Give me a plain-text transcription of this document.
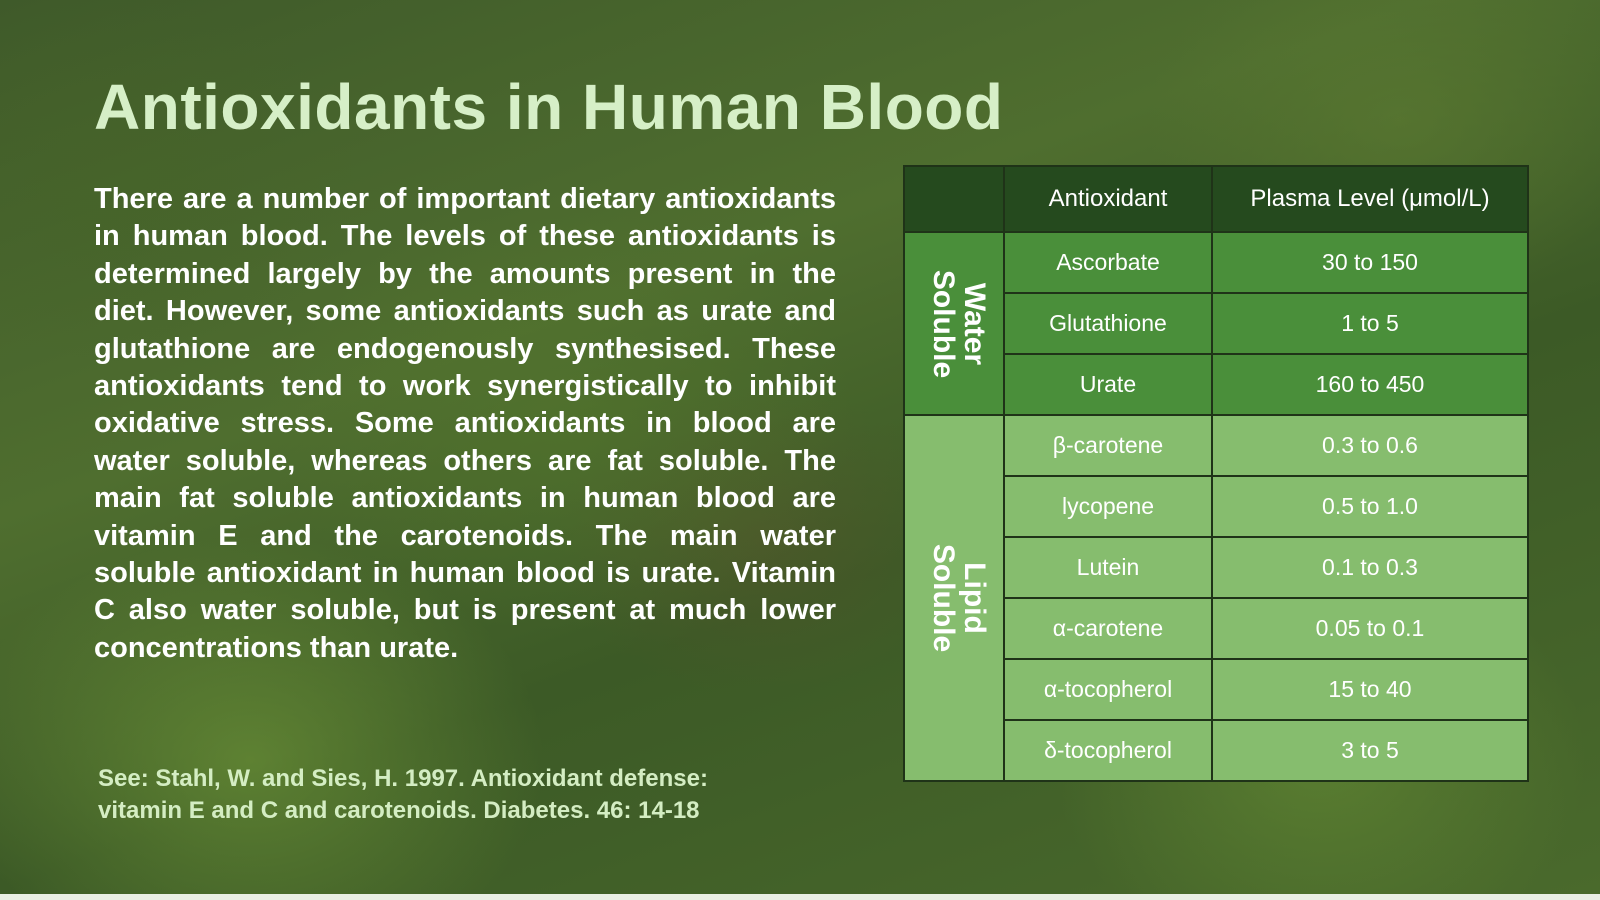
Antioxidants in Human Blood

There are a number of important dietary antioxidants in human blood. The levels of these antioxidants is determined largely by the amounts present in the diet. However, some antioxidants such as urate and glutathione are endogenously synthesised. These antioxidants tend to work synergistically to inhibit oxidative stress. Some antioxidants in blood are water soluble, whereas others are fat soluble. The main fat soluble antioxidants in human blood are vitamin E and the carotenoids. The main water soluble antioxidant in human blood is urate. Vitamin C also water soluble, but is present at much lower concentrations than urate.

See: Stahl, W. and Sies, H. 1997. Antioxidant defense:
vitamin E and C and carotenoids. Diabetes. 46: 14-18
	Antioxidant	Plasma Level (μmol/L)
Water
Soluble	Ascorbate	30 to 150
	Glutathione	1 to 5
	Urate	160 to 450
Lipid
Soluble	β-carotene	0.3 to 0.6
	lycopene	0.5 to 1.0
	Lutein	0.1 to 0.3
	α-carotene	0.05 to 0.1
	α-tocopherol	15 to 40
	δ-tocopherol	3 to 5
